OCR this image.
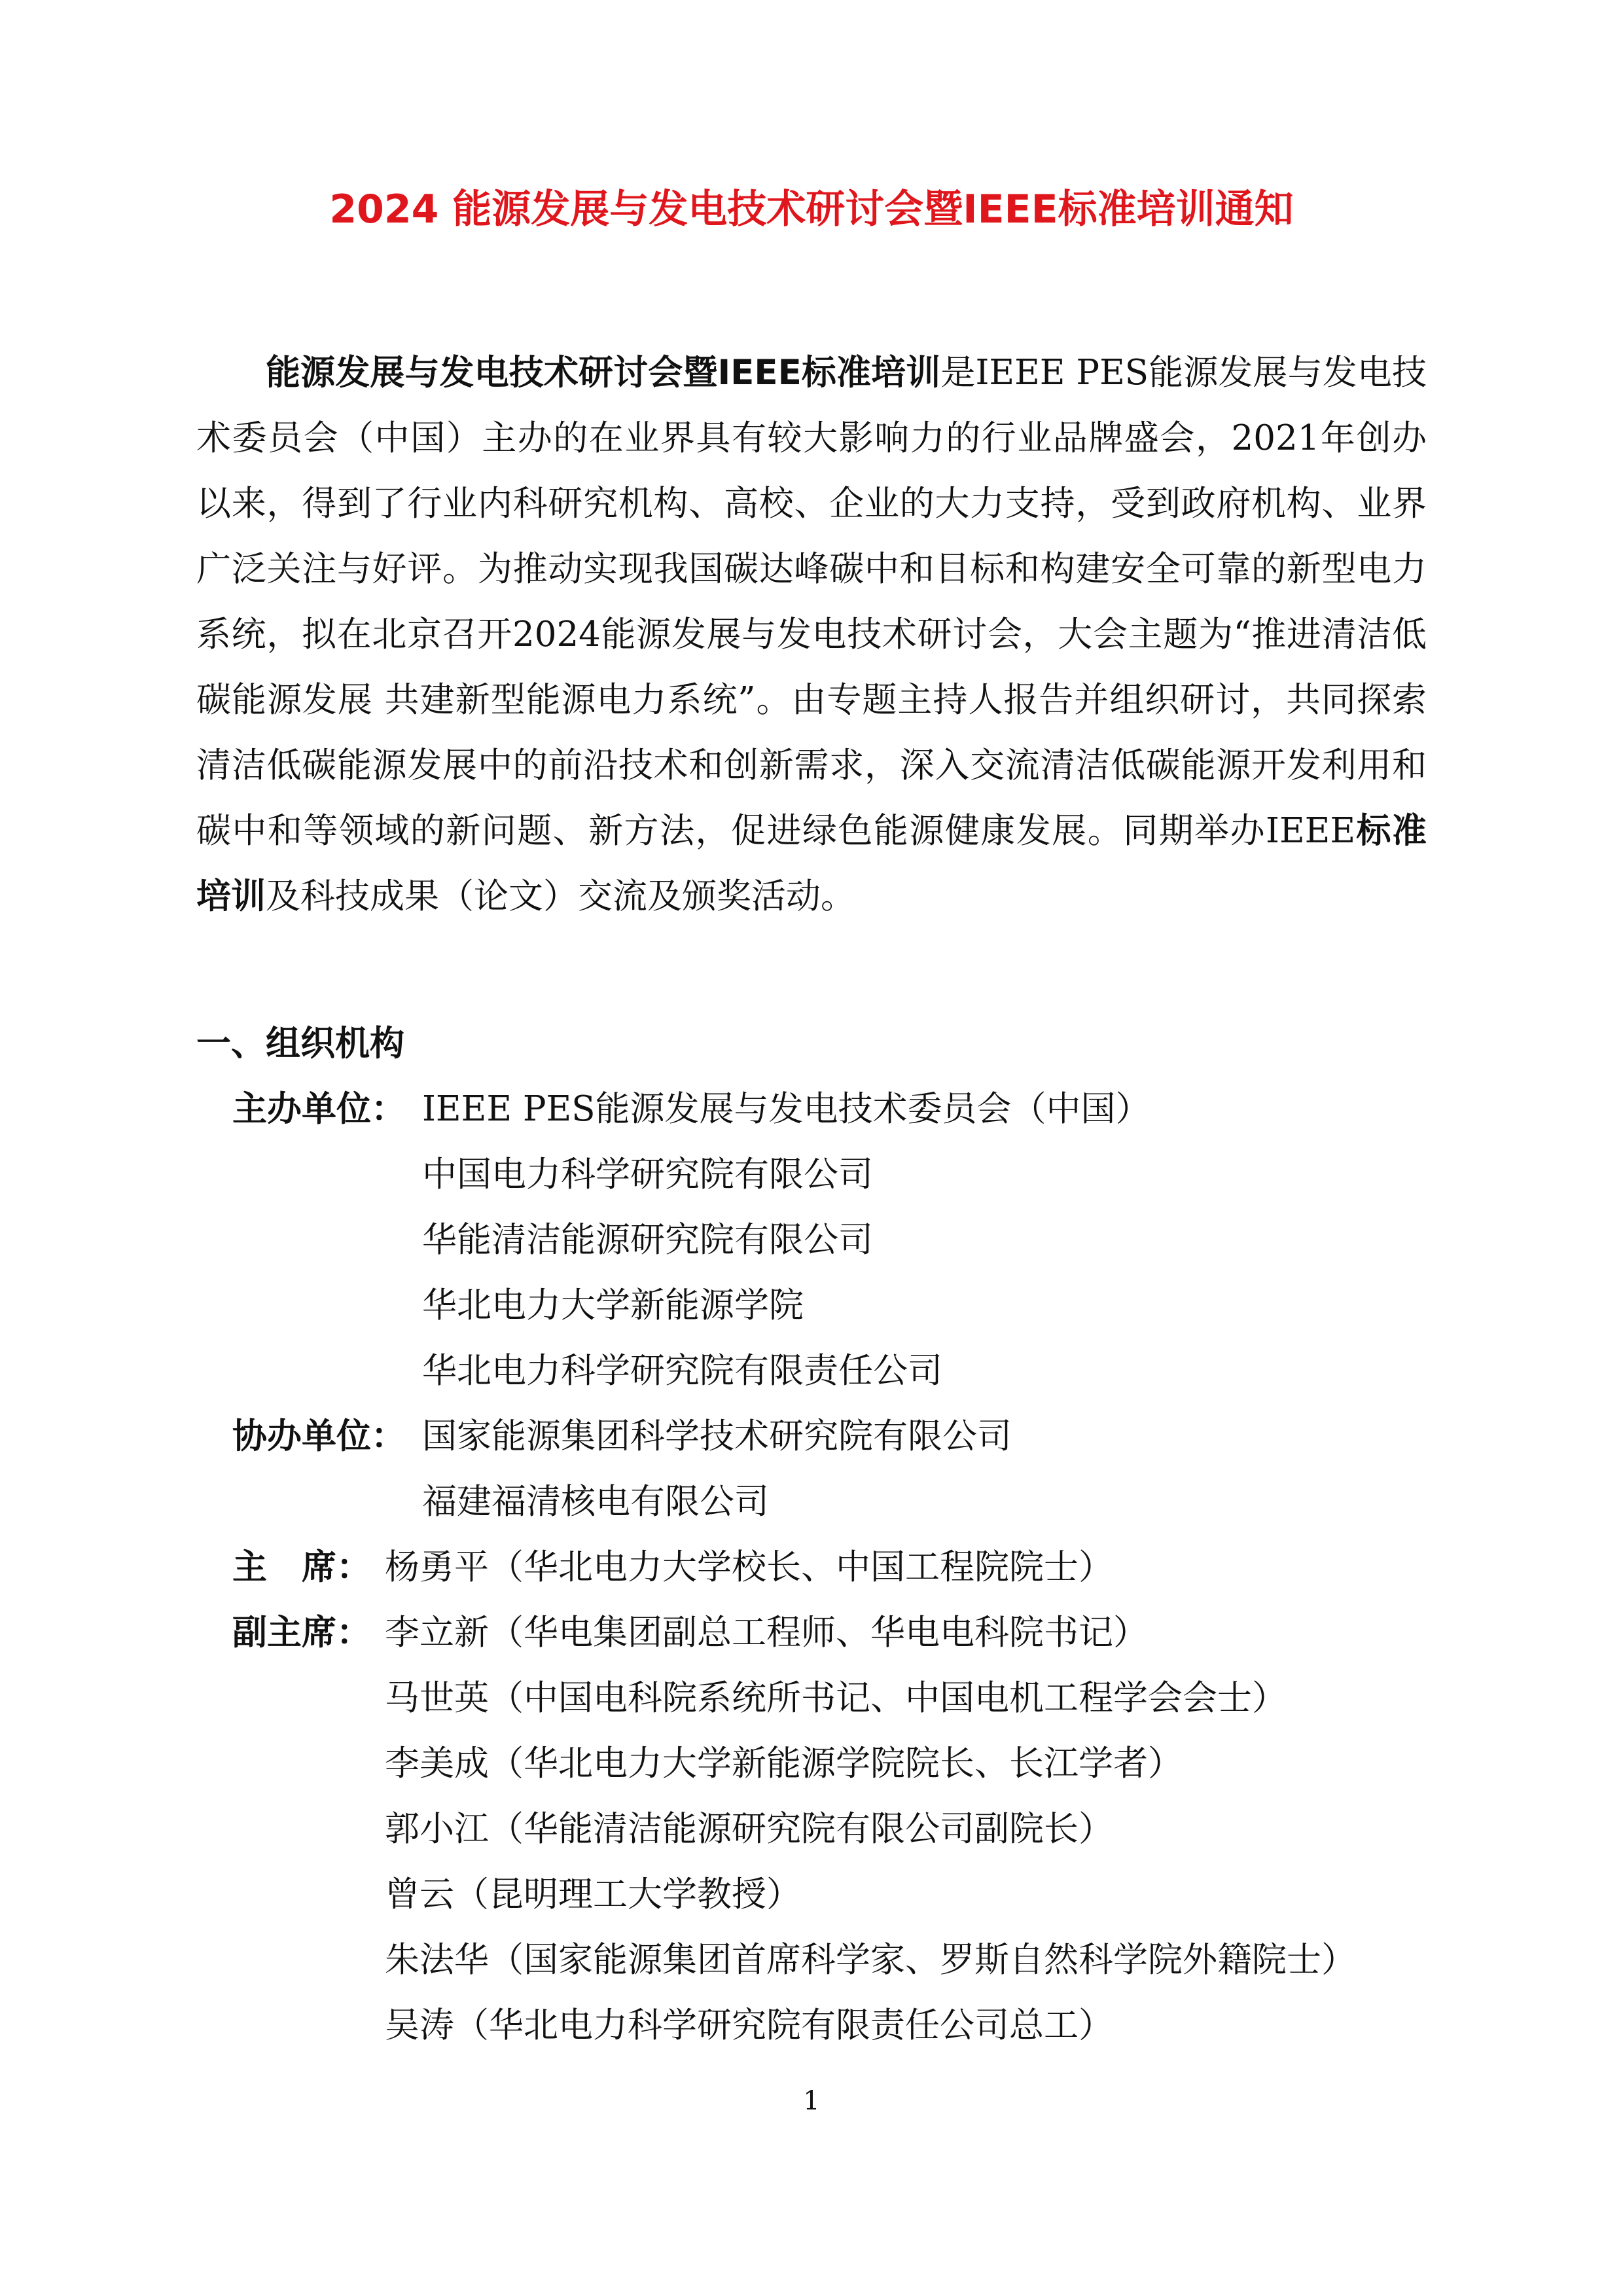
2024 能源发展与发电技术研讨会暨IEEE标准培训通知

能源发展与发电技术研讨会暨IEEE标准培训是IEEE PES能源发展与发电技术委员会（中国）主办的在业界具有较大影响力的行业品牌盛会，2021年创办以来，得到了行业内科研究机构、高校、企业的大力支持，受到政府机构、业界广泛关注与好评。为推动实现我国碳达峰碳中和目标和构建安全可靠的新型电力系统，拟在北京召开2024能源发展与发电技术研讨会，大会主题为“推进清洁低碳能源发展 共建新型能源电力系统”。由专题主持人报告并组织研讨，共同探索清洁低碳能源发展中的前沿技术和创新需求，深入交流清洁低碳能源开发利用和碳中和等领域的新问题、新方法，促进绿色能源健康发展。同期举办IEEE标准培训及科技成果（论文）交流及颁奖活动。

一、组织机构
主办单位： IEEE PES能源发展与发电技术委员会（中国）
中国电力科学研究院有限公司
华能清洁能源研究院有限公司
华北电力大学新能源学院
华北电力科学研究院有限责任公司
协办单位： 国家能源集团科学技术研究院有限公司
福建福清核电有限公司
主　席： 杨勇平（华北电力大学校长、中国工程院院士）
副主席： 李立新（华电集团副总工程师、华电电科院书记）
马世英（中国电科院系统所书记、中国电机工程学会会士）
李美成（华北电力大学新能源学院院长、长江学者）
郭小江（华能清洁能源研究院有限公司副院长）
曾云（昆明理工大学教授）
朱法华（国家能源集团首席科学家、罗斯自然科学院外籍院士）
吴涛（华北电力科学研究院有限责任公司总工）
1
